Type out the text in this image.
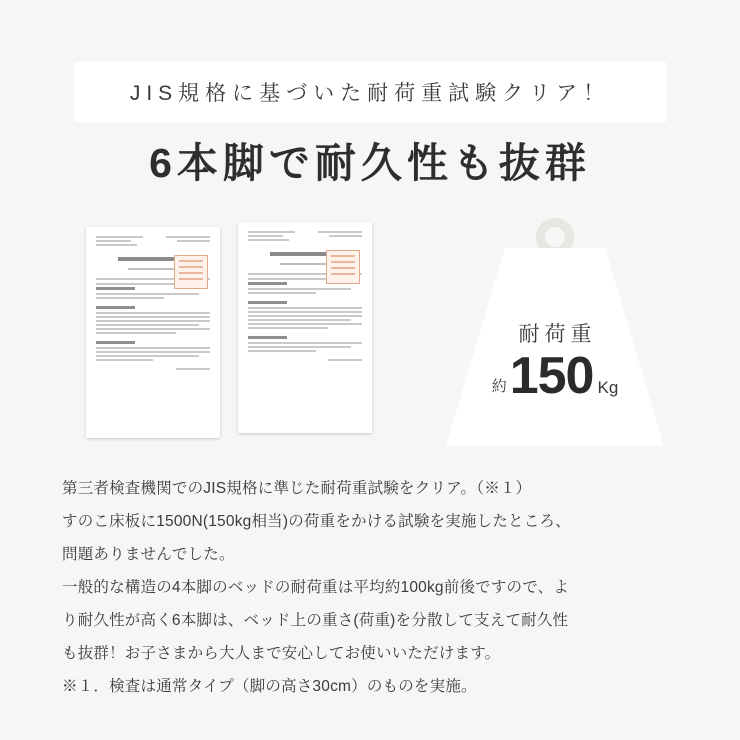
JIS規格に基づいた耐荷重試験クリア！
6本脚で耐久性も抜群
耐荷重
約 150 Kg

第三者検査機関でのJIS規格に準じた耐荷重試験をクリア。（※１）

すのこ床板に1500N(150kg相当)の荷重をかける試験を実施したところ、

問題ありませんでした。

一般的な構造の4本脚のベッドの耐荷重は平均約100kg前後ですので、よ

り耐久性が高く6本脚は、ベッド上の重さ(荷重)を分散して支えて耐久性

も抜群！お子さまから大人まで安心してお使いいただけます。

※１．検査は通常タイプ（脚の高さ30cm）のものを実施。
